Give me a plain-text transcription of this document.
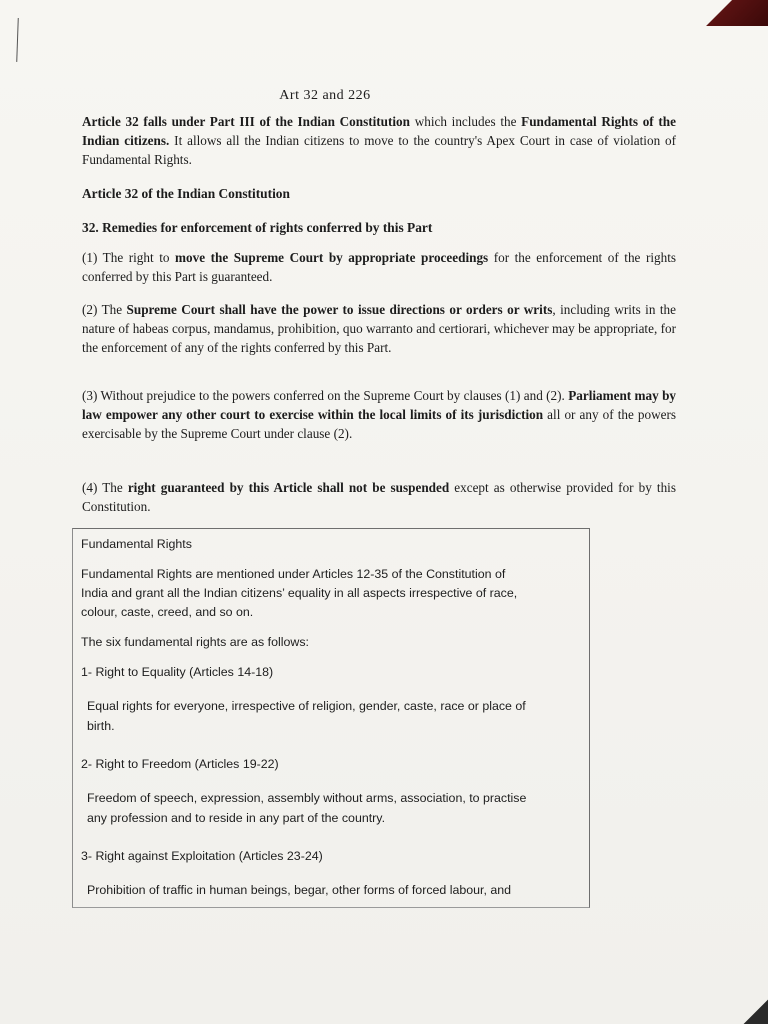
Art 32 and 226

Article 32 falls under Part III of the Indian Constitution which includes the Fundamental Rights of the Indian citizens. It allows all the Indian citizens to move to the country's Apex Court in case of violation of Fundamental Rights.

Article 32 of the Indian Constitution
32. Remedies for enforcement of rights conferred by this Part

(1) The right to move the Supreme Court by appropriate proceedings for the enforcement of the rights conferred by this Part is guaranteed.

(2) The Supreme Court shall have the power to issue directions or orders or writs, including writs in the nature of habeas corpus, mandamus, prohibition, quo warranto and certiorari, whichever may be appropriate, for the enforcement of any of the rights conferred by this Part.

(3) Without prejudice to the powers conferred on the Supreme Court by clauses (1) and (2). Parliament may by law empower any other court to exercise within the local limits of its jurisdiction all or any of the powers exercisable by the Supreme Court under clause (2).

(4) The right guaranteed by this Article shall not be suspended except as otherwise provided for by this Constitution.

Fundamental Rights
Fundamental Rights are mentioned under Articles 12-35 of the Constitution of
India and grant all the Indian citizens’ equality in all aspects irrespective of race,
colour, caste, creed, and so on.
The six fundamental rights are as follows:
1- Right to Equality (Articles 14-18)
Equal rights for everyone, irrespective of religion, gender, caste, race or place of
birth.
2- Right to Freedom (Articles 19-22)
Freedom of speech, expression, assembly without arms, association, to practise
any profession and to reside in any part of the country.
3- Right against Exploitation (Articles 23-24)
Prohibition of traffic in human beings, begar, other forms of forced labour, and
